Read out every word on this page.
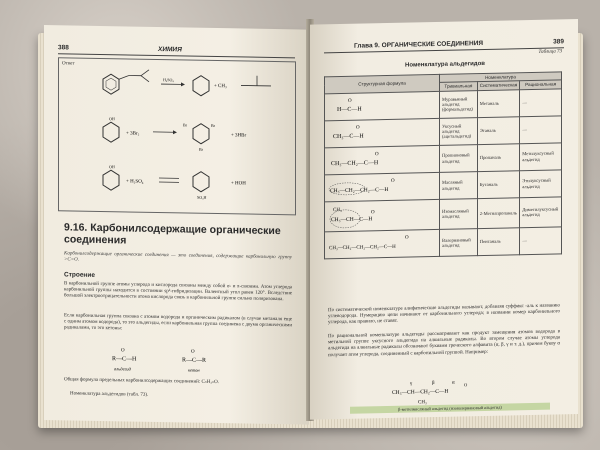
388	ХИМИЯ
Ответ
H₂SO₄
+ CH₃
OH
+ 3Br₂
Br	Br
Br
+ 3HBr
OH
+ H₂SO₄
SO₃H
+ HOH
9.16. Карбонилсодержащие органические соединения
Карбонилсодержащие органические соединения — это соединения, содержащие карбонильную группу >C=O.
Строение
В карбонильной группе атомы углерода и кислорода связаны между собой σ- и π-связями. Атом углерода карбонильной группы находится в состоянии sp²-гибридизации. Валентный угол равен 120°. Вследствие большой электроотрицательности атома кислорода связь в карбонильной группе сильно поляризована.
Если карбонильная группа связана с атомом водорода и органическим радикалом (в случае метаналя еще с одним атомом водорода), то это альдегиды, если карбонильная группа соединена с двумя органическими радикалами, то это кетоны:
R—C—H
O
R—C—R
O
альдегид	кетон
Общая формула предельных карбонилсодержащих соединений: CₙH₂ₙO.
Номенклатура альдегидов (табл. 73).
Глава 9. ОРГАНИЧЕСКИЕ СОЕДИНЕНИЯ	389
Таблица 73
Номенклатура альдегидов
Структурная формула	Номенклатура		
	Тривиальная	Систематическая	Рациональная

H—C—H
O	Муравьиный альдегид (формальдегид)	Метаналь	—

CH₃—C—H
O	Уксусный альдегид (ацетальдегид)	Этаналь	—

CH₃—CH₂—C—H
O	Пропионовый альдегид	Пропаналь	Метилуксусный альдегид

CH₃—CH₂—CH₂—C—H
O	Масляный альдегид	Бутаналь	Этилуксусный альдегид

CH₃
CH₃—CH—C—H
O	Изомасляный альдегид	2-Метилпропаналь	Диметилуксусный альдегид

CH₃—CH₂—CH₂—CH₂—C—H
O	Валериановый альдегид	Пентаналь	—
По систематической номенклатуре алифатические альдегиды называют, добавляя суффикс -аль к названию углеводорода. Нумерацию цепи начинают от карбонильного углерода; в названии номер карбонильного углерода, как правило, не ставят.
По рациональной номенклатуре альдегиды рассматривают как продукт замещения атомов водорода в метильной группе уксусного альдегида на алкильные радикалы. Во втором случае атомы углерода альдегида на алкильные радикалы обозначают буквами греческого алфавита (α, β, γ и т. д.), причем букву α получает атом углерода, соединенный с карбонильной группой. Например:
γ	β	α
CH₃—CH—CH₂—C—H
O
CH₃
β-метилмасляный альдегид (изовалериановый альдегид)
